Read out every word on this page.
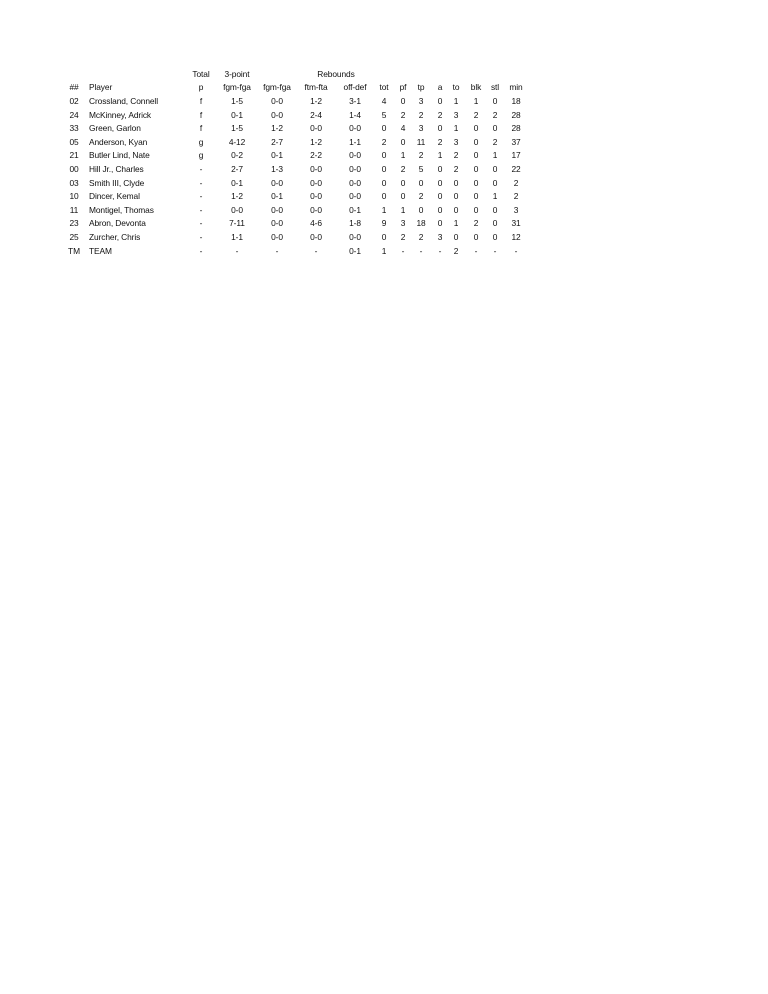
Total 3-point	Rebounds
## Player	p fgm-fga fgm-fga ftm-fta off-def tot pf tp a to blk stl min
02 Crossland, Connell	f	1-5	0-0	1-2	3-1 4 0 3 0 1 1 0 18
24 McKinney, Adrick	f	0-1	0-0	2-4	1-4 5 2 2 2 3 2 2 28
33 Green, Garlon	f	1-5	1-2	0-0	0-0 0 4 3 0 1 0 0 28
05 Anderson, Kyan	g	4-12	2-7	1-2	1-1 2 0 11 2 3 0 2 37
21 Butler Lind, Nate	g	0-2	0-1	2-2	0-0 0 1 2 1 2 0 1 17
00 Hill Jr., Charles	-	2-7	1-3	0-0	0-0 0 2 5 0 2 0 0 22
03 Smith III, Clyde	-	0-1	0-0	0-0	0-0 0 0 0 0 0 0 0 2
10 Dincer, Kemal	-	1-2	0-1	0-0	0-0 0 0 2 0 0 0 1 2
11 Montigel, Thomas	-	0-0	0-0	0-0	0-1 1 1 0 0 0 0 0 3
23 Abron, Devonta	-	7-11	0-0	4-6	1-8 9 3 18 0 1 2 0 31
25 Zurcher, Chris	-	1-1	0-0	0-0	0-0 0 2 2 3 0 0 0 12
TM TEAM	-	-	-	-	0-1 1 - - - 2 - - -
